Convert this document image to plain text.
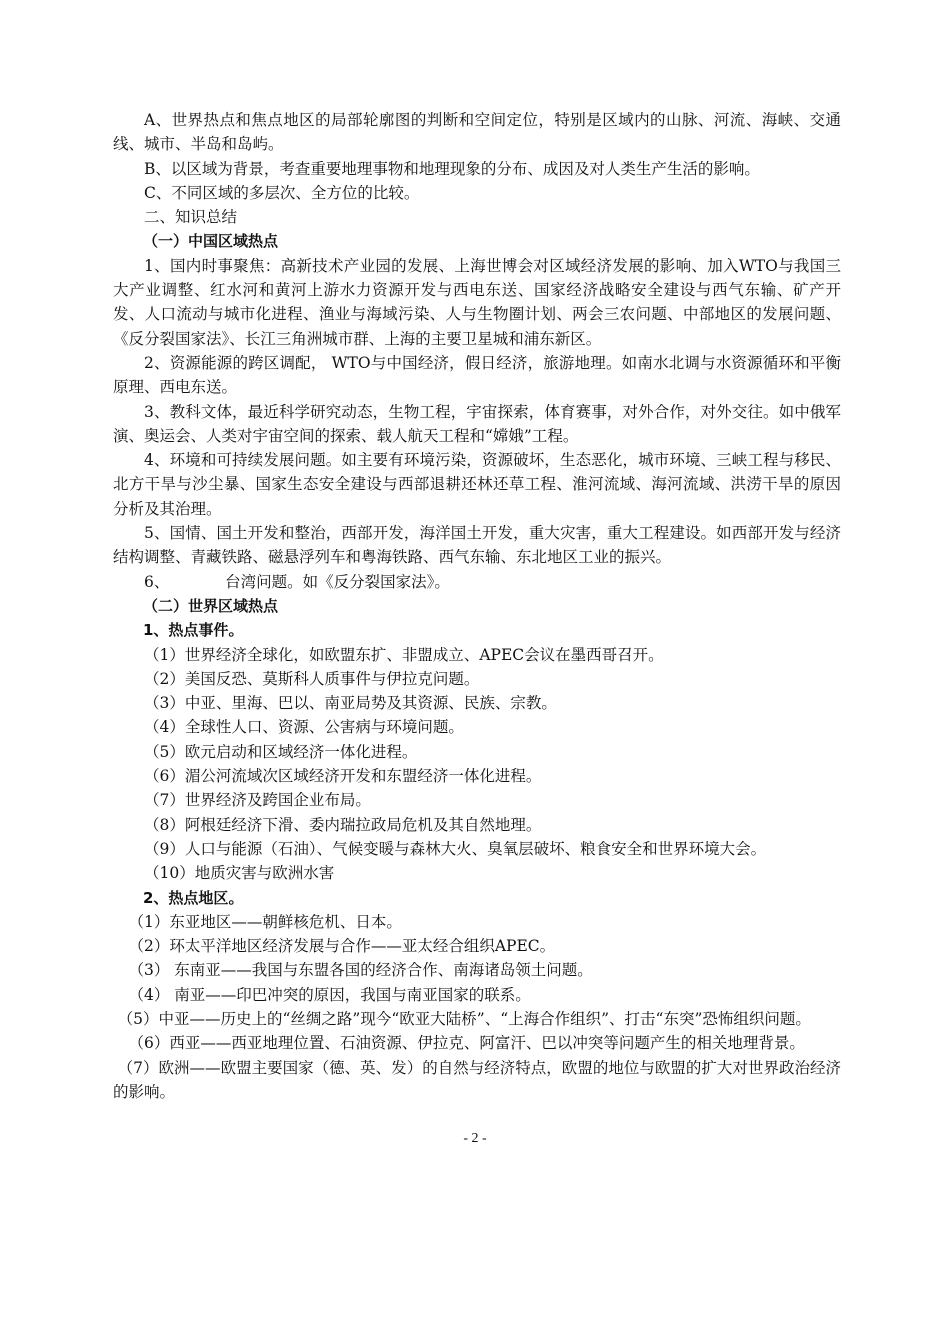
A、世界热点和焦点地区的局部轮廓图的判断和空间定位，特别是区域内的山脉、河流、海峡、交通线、城市、半岛和岛屿。

B、以区域为背景，考查重要地理事物和地理现象的分布、成因及对人类生产生活的影响。

C、不同区域的多层次、全方位的比较。

二、知识总结

（一）中国区域热点

1、国内时事聚焦：高新技术产业园的发展、上海世博会对区域经济发展的影响、加入WTO与我国三大产业调整、红水河和黄河上游水力资源开发与西电东送、国家经济战略安全建设与西气东输、矿产开发、人口流动与城市化进程、渔业与海域污染、人与生物圈计划、两会三农问题、中部地区的发展问题、《反分裂国家法》、长江三角洲城市群、上海的主要卫星城和浦东新区。

2、资源能源的跨区调配， WTO与中国经济，假日经济，旅游地理。如南水北调与水资源循环和平衡原理、西电东送。

3、教科文体，最近科学研究动态，生物工程，宇宙探索，体育赛事，对外合作，对外交往。如中俄军演、奥运会、人类对宇宙空间的探索、载人航天工程和“嫦娥”工程。

4、环境和可持续发展问题。如主要有环境污染，资源破坏，生态恶化，城市环境、三峡工程与移民、北方干旱与沙尘暴、国家生态安全建设与西部退耕还林还草工程、淮河流域、海河流域、洪涝干旱的原因分析及其治理。

5、国情、国土开发和整治，西部开发，海洋国土开发，重大灾害，重大工程建设。如西部开发与经济结构调整、青藏铁路、磁悬浮列车和粤海铁路、西气东输、东北地区工业的振兴。

6、	台湾问题。如《反分裂国家法》。

（二）世界区域热点

1、热点事件。

（1）世界经济全球化，如欧盟东扩、非盟成立、APEC会议在墨西哥召开。

（2）美国反恐、莫斯科人质事件与伊拉克问题。

（3）中亚、里海、巴以、南亚局势及其资源、民族、宗教。

（4）全球性人口、资源、公害病与环境问题。

（5）欧元启动和区域经济一体化进程。

（6）湄公河流域次区域经济开发和东盟经济一体化进程。

（7）世界经济及跨国企业布局。

（8）阿根廷经济下滑、委内瑞拉政局危机及其自然地理。

（9）人口与能源（石油）、气候变暖与森林大火、臭氧层破坏、粮食安全和世界环境大会。

（10）地质灾害与欧洲水害

2、热点地区。

（1）东亚地区——朝鲜核危机、日本。

（2）环太平洋地区经济发展与合作——亚太经合组织APEC。

（3） 东南亚——我国与东盟各国的经济合作、南海诸岛领土问题。

（4） 南亚——印巴冲突的原因，我国与南亚国家的联系。

（5）中亚——历史上的“丝绸之路”现今“欧亚大陆桥”、“上海合作组织”、打击“东突”恐怖组织问题。

（6）西亚——西亚地理位置、石油资源、伊拉克、阿富汗、巴以冲突等问题产生的相关地理背景。

（7）欧洲——欧盟主要国家（德、英、发）的自然与经济特点，欧盟的地位与欧盟的扩大对世界政治经济的影响。

- 2 -
